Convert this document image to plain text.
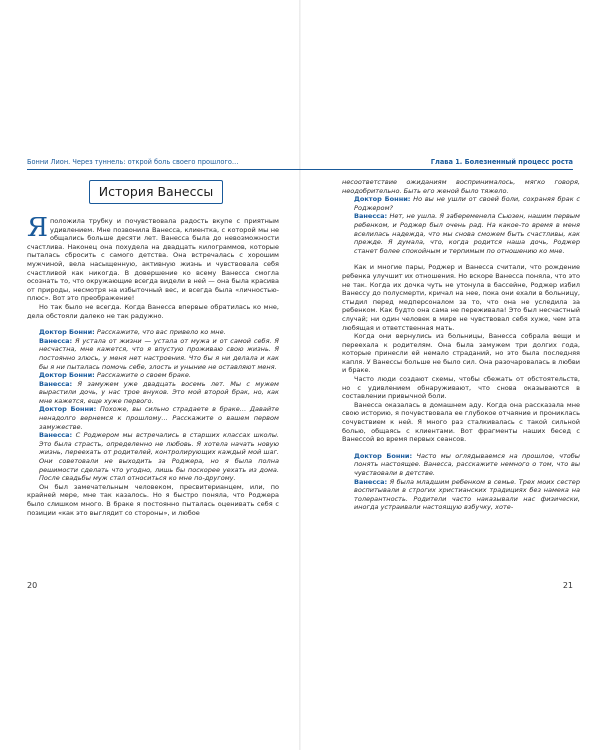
Бонни Лион. Через туннель: открой боль своего прошлого…
История Ванессы

Яположила трубку и почувствовала радость вкупе с приятным удивлением. Мне позвонила Ванесса, клиентка, с которой мы не общались больше десяти лет. Ванесса была до невозможности счастлива. Наконец она похудела на двадцать килограммов, которые пыталась сбросить с самого детства. Она встречалась с хорошим мужчиной, вела насыщенную, активную жизнь и чувствовала себя счастливой как никогда. В довершение ко всему Ванесса смогла осознать то, что окружающие всегда видели в ней — она была красива от природы, несмотря на избыточный вес, и всегда была «личностью-плюс». Вот это преображение!

Но так было не всегда. Когда Ванесса впервые обратилась ко мне, дела обстояли далеко не так радужно.

Доктор Бонни: Расскажите, что вас привело ко мне.

Ванесса: Я устала от жизни — устала от мужа и от самой себя. Я несчастна, мне кажется, что я впустую проживаю свою жизнь. Я постоянно злюсь, у меня нет настроения. Что бы я ни делала и как бы я ни пыталась помочь себе, злость и уныние не оставляют меня.

Доктор Бонни: Расскажите о своем браке.

Ванесса: Я замужем уже двадцать восемь лет. Мы с мужем вырастили дочь, у нас трое внуков. Это мой второй брак, но, как мне кажется, еще хуже первого.

Доктор Бонни: Похоже, вы сильно страдаете в браке… Давайте ненадолго вернемся к прошлому… Расскажите о вашем первом замужестве.

Ванесса: С Роджером мы встречались в старших классах школы. Это была страсть, определенно не любовь. Я хотела начать новую жизнь, переехать от родителей, контролирующих каждый мой шаг. Они советовали не выходить за Роджера, но я была полна решимости сделать что угодно, лишь бы поскорее уехать из дома. После свадьбы муж стал относиться ко мне по-другому.

Он был замечательным человеком, пресвитерианцем, или, по крайней мере, мне так казалось. Но я быстро поняла, что Роджера было слишком много. В браке я постоянно пыталась оценивать себя с позиции «как это выглядит со стороны», и любое

20
Глава 1. Болезненный процесс роста

несоответствие ожиданиям воспринималось, мягко говоря, неодобрительно. Быть его женой было тяжело.

Доктор Бонни: Но вы не ушли от своей боли, сохраняя брак с Роджером?

Ванесса: Нет, не ушла. Я забеременела Сьюзен, нашим первым ребенком, и Роджер был очень рад. На какое-то время в меня вселилась надежда, что мы снова сможем быть счастливы, как прежде. Я думала, что, когда родится наша дочь, Роджер станет более спокойным и терпимым по отношению ко мне.

Как и многие пары, Роджер и Ванесса считали, что рождение ребенка улучшит их отношения. Но вскоре Ванесса поняла, что это не так. Когда их дочка чуть не утонула в бассейне, Роджер избил Ванессу до полусмерти, кричал на нее, пока они ехали в больницу, стыдил перед медперсоналом за то, что она не уследила за ребенком. Как будто она сама не переживала! Это был несчастный случай; ни один человек в мире не чувствовал себя хуже, чем эта любящая и ответственная мать.

Когда они вернулись из больницы, Ванесса собрала вещи и переехала к родителям. Она была замужем три долгих года, которые принесли ей немало страданий, но это была последняя капля. У Ванессы больше не было сил. Она разочаровалась в любви и браке.

Часто люди создают схемы, чтобы сбежать от обстоятельств, но с удивлением обнаруживают, что снова оказываются в составлении привычной боли.

Ванесса оказалась в домашнем аду. Когда она рассказала мне свою историю, я почувствовала ее глубокое отчаяние и прониклась сочувствием к ней. Я много раз сталкивалась с такой сильной болью, общаясь с клиентами. Вот фрагменты наших бесед с Ванессой во время первых сеансов.

Доктор Бонни: Часто мы оглядываемся на прошлое, чтобы понять настоящее. Ванесса, расскажите немного о том, что вы чувствовали в детстве.

Ванесса: Я была младшим ребенком в семье. Трех моих сестер воспитывали в строгих христианских традициях без намека на толерантность. Родители часто наказывали нас физически, иногда устраивали настоящую взбучку, хоте-

21
